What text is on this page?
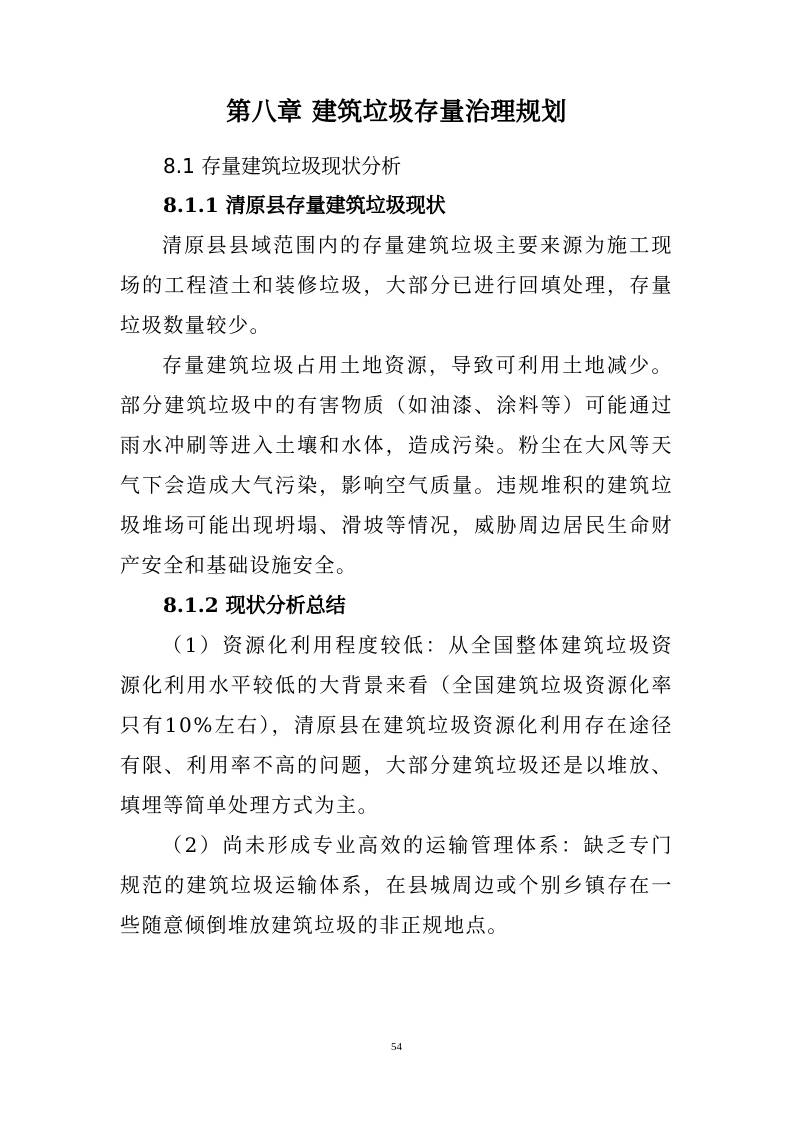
第八章 建筑垃圾存量治理规划
8.1 存量建筑垃圾现状分析
8.1.1 清原县存量建筑垃圾现状

清原县县域范围内的存量建筑垃圾主要来源为施工现场的工程渣土和装修垃圾，大部分已进行回填处理，存量垃圾数量较少。

存量建筑垃圾占用土地资源，导致可利用土地减少。部分建筑垃圾中的有害物质（如油漆、涂料等）可能通过雨水冲刷等进入土壤和水体，造成污染。粉尘在大风等天气下会造成大气污染，影响空气质量。违规堆积的建筑垃圾堆场可能出现坍塌、滑坡等情况，威胁周边居民生命财产安全和基础设施安全。

8.1.2 现状分析总结

（1）资源化利用程度较低：从全国整体建筑垃圾资源化利用水平较低的大背景来看（全国建筑垃圾资源化率只有10%左右），清原县在建筑垃圾资源化利用存在途径有限、利用率不高的问题，大部分建筑垃圾还是以堆放、填埋等简单处理方式为主。

（2）尚未形成专业高效的运输管理体系：缺乏专门规范的建筑垃圾运输体系，在县城周边或个别乡镇存在一些随意倾倒堆放建筑垃圾的非正规地点。

54
